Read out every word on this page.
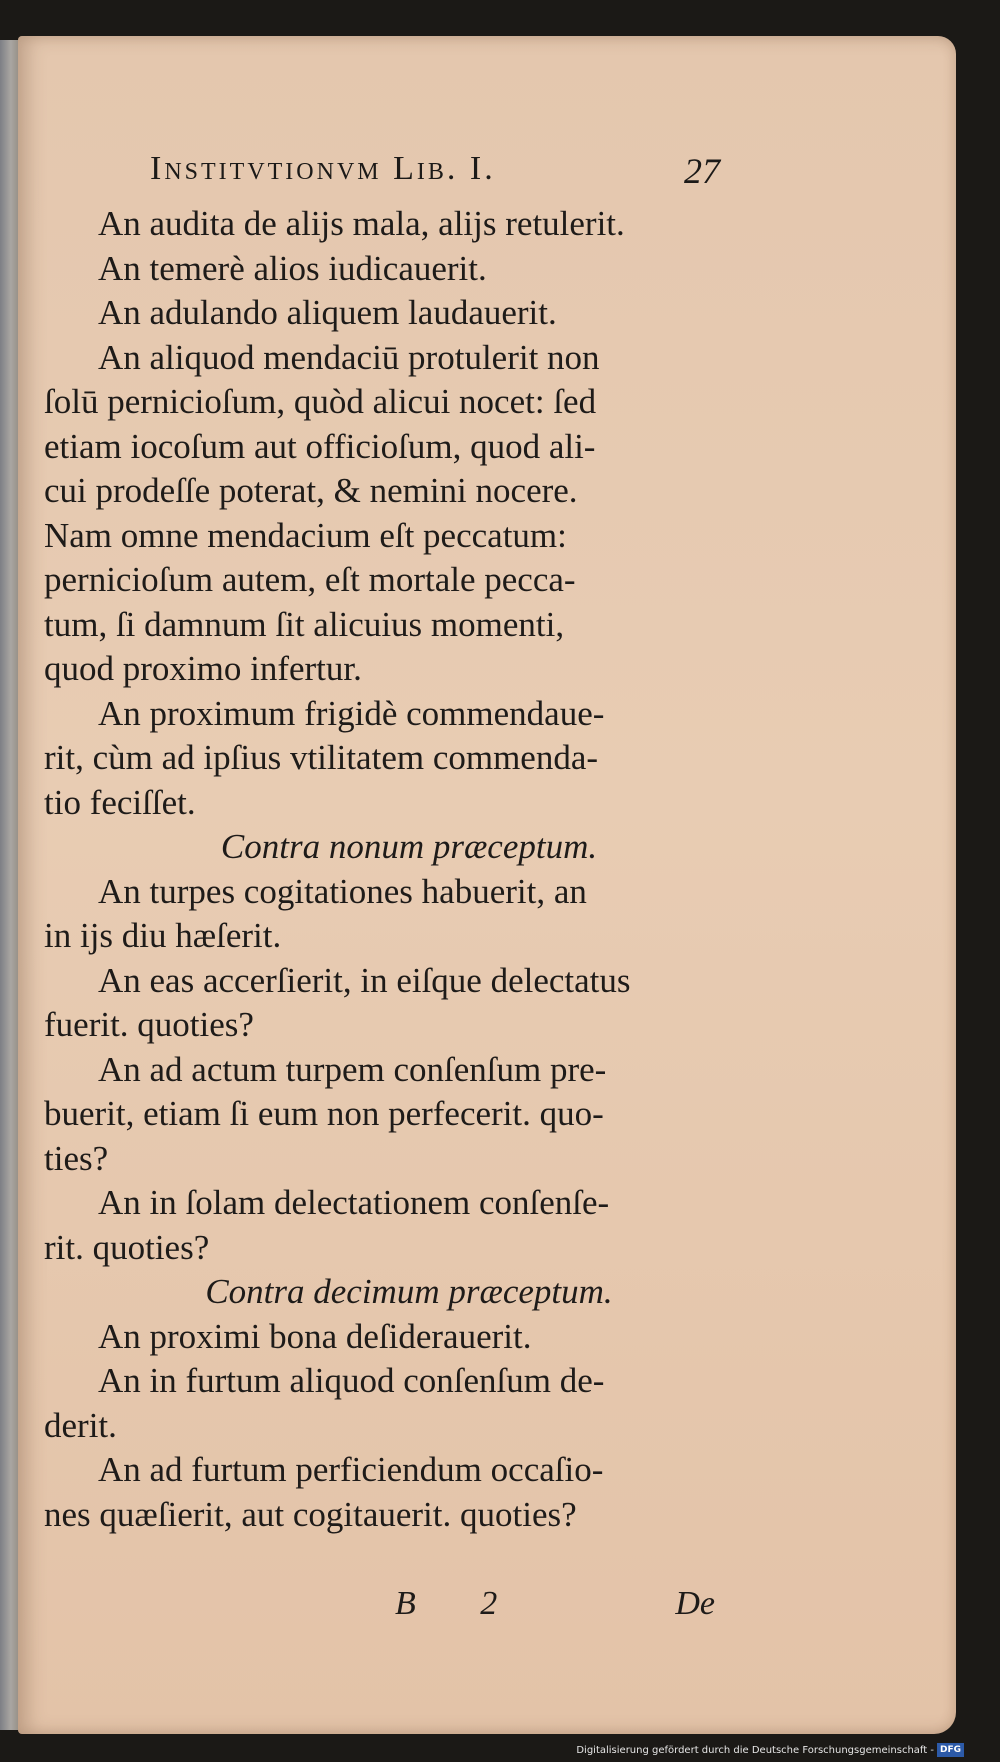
Institvtionvm Lib. I.	27
An audita de alijs mala, alijs retulerit.
An temerè alios iudicauerit.
An adulando aliquem laudauerit.
An aliquod mendaciū protulerit non
ſolū pernicioſum, quòd alicui nocet: ſed
etiam iocoſum aut officioſum, quod ali-
cui prodeſſe poterat, & nemini nocere.
Nam omne mendacium eſt peccatum:
pernicioſum autem, eſt mortale pecca-
tum, ſi damnum ſit alicuius momenti,
quod proximo infertur.
An proximum frigidè commendaue-
rit, cùm ad ipſius vtilitatem commenda-
tio feciſſet.
Contra nonum præceptum.
An turpes cogitationes habuerit, an
in ijs diu hæſerit.
An eas accerſierit, in eiſque delectatus
fuerit. quoties?
An ad actum turpem conſenſum pre-
buerit, etiam ſi eum non perfecerit. quo-
ties?
An in ſolam delectationem conſenſe-
rit. quoties?
Contra decimum præceptum.
An proximi bona deſiderauerit.
An in furtum aliquod conſenſum de-
derit.
An ad furtum perficiendum occaſio-
nes quæſierit, aut cogitauerit. quoties?
B 2	De
Digitalisierung gefördert durch die Deutsche Forschungsgemeinschaft - DFG
